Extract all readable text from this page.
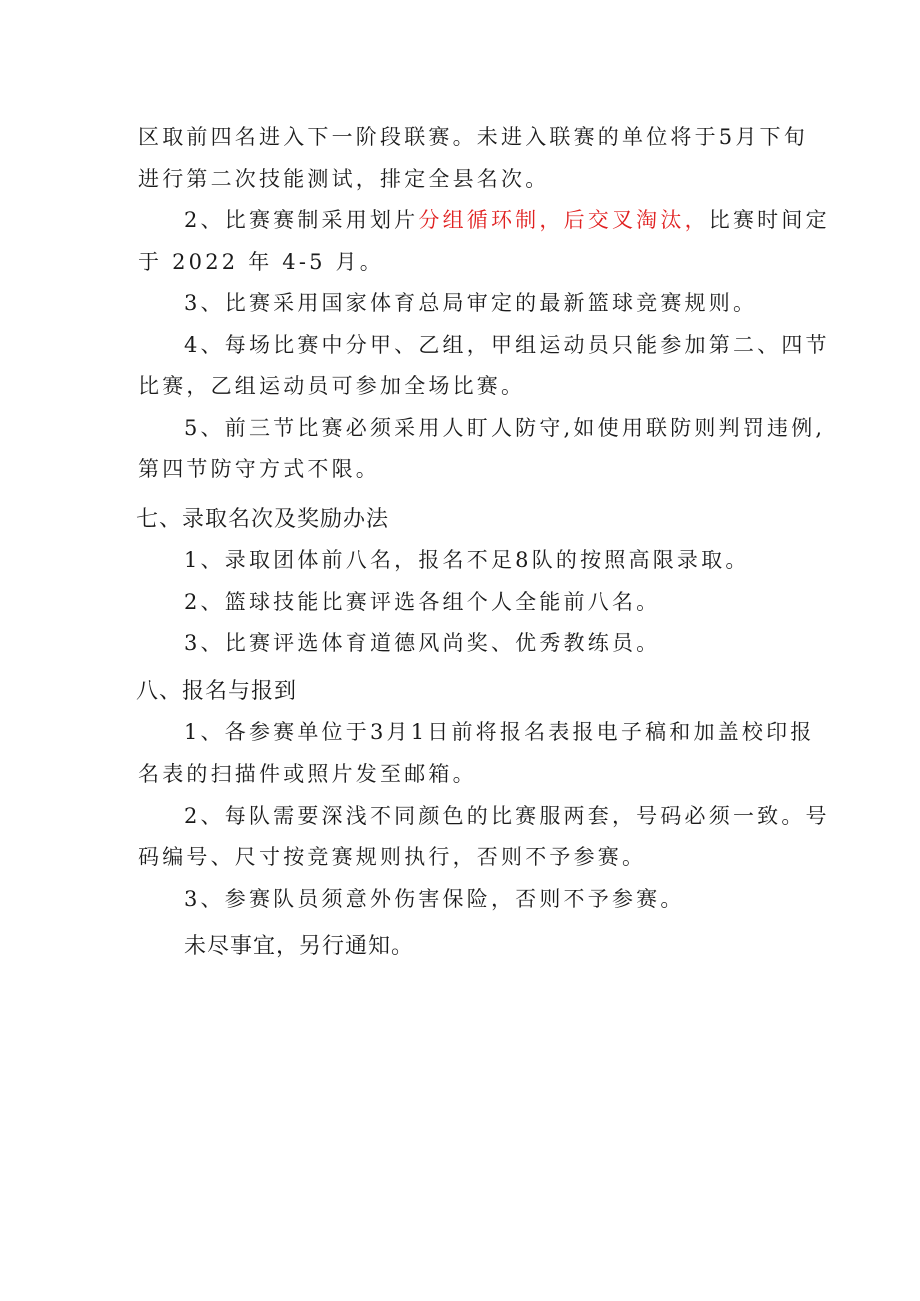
区取前四名进入下一阶段联赛。未进入联赛的单位将于5月下旬
进行第二次技能测试，排定全县名次。
2、比赛赛制采用划片分组循环制，后交叉淘汰，比赛时间定
于 2022 年 4-5 月。
3、比赛采用国家体育总局审定的最新篮球竞赛规则。
4、每场比赛中分甲、乙组，甲组运动员只能参加第二、四节
比赛，乙组运动员可参加全场比赛。
5、前三节比赛必须采用人盯人防守,如使用联防则判罚违例,
第四节防守方式不限。
七、录取名次及奖励办法
1、录取团体前八名，报名不足8队的按照高限录取。
2、篮球技能比赛评选各组个人全能前八名。
3、比赛评选体育道德风尚奖、优秀教练员。
八、报名与报到
1、各参赛单位于3月1日前将报名表报电子稿和加盖校印报
名表的扫描件或照片发至邮箱。
2、每队需要深浅不同颜色的比赛服两套，号码必须一致。号
码编号、尺寸按竞赛规则执行，否则不予参赛。
3、参赛队员须意外伤害保险，否则不予参赛。
未尽事宜，另行通知。
